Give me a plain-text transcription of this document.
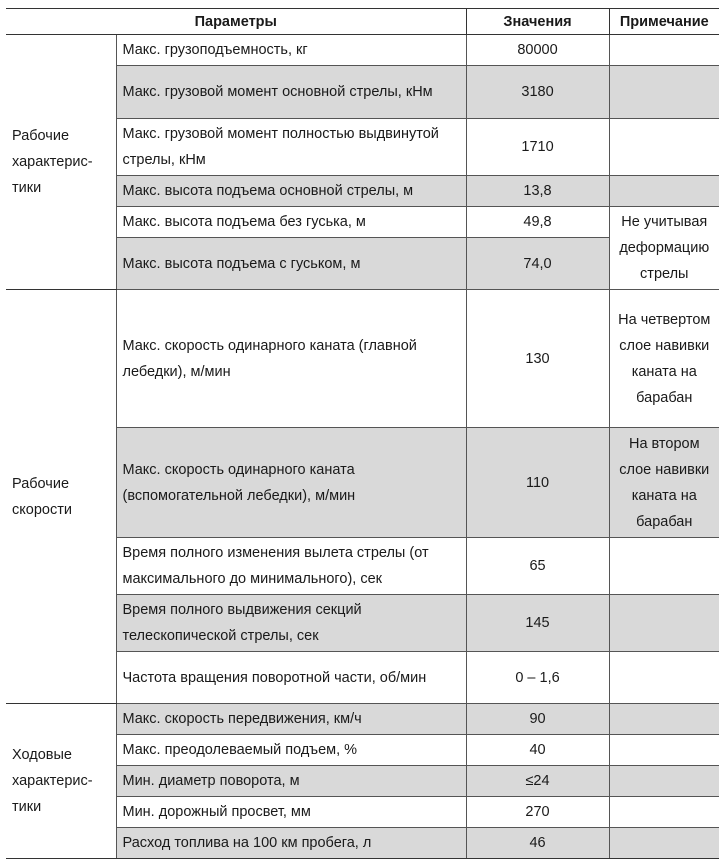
Параметры		Значения	Примечание
Рабочие характерис-тики	Макс. грузоподъемность, кг	80000	
	Макс. грузовой момент основной стрелы, кНм	3180	
	Макс. грузовой момент полностью выдвинутой стрелы, кНм	1710	
	Макс. высота подъема основной стрелы, м	13,8	
	Макс. высота подъема без гуська, м	49,8	Не учитывая деформацию стрелы
	Макс. высота подъема с гуськом, м	74,0	
Рабочие скорости	Макс. скорость одинарного каната (главной лебедки), м/мин	130	На четвертом слое навивки каната на барабан
	Макс. скорость одинарного каната (вспомогательной лебедки), м/мин	110	На втором слое навивки каната на барабан
	Время полного изменения вылета стрелы (от максимального до минимального), сек	65	
	Время полного выдвижения секций телескопической стрелы, сек	145	
	Частота вращения поворотной части, об/мин	0 – 1,6	
Ходовые характерис-тики	Макс. скорость передвижения, км/ч	90	
	Макс. преодолеваемый подъем, %	40	
	Мин. диаметр поворота, м	≤24	
	Мин. дорожный просвет, мм	270	
	Расход топлива на 100 км пробега, л	46	
